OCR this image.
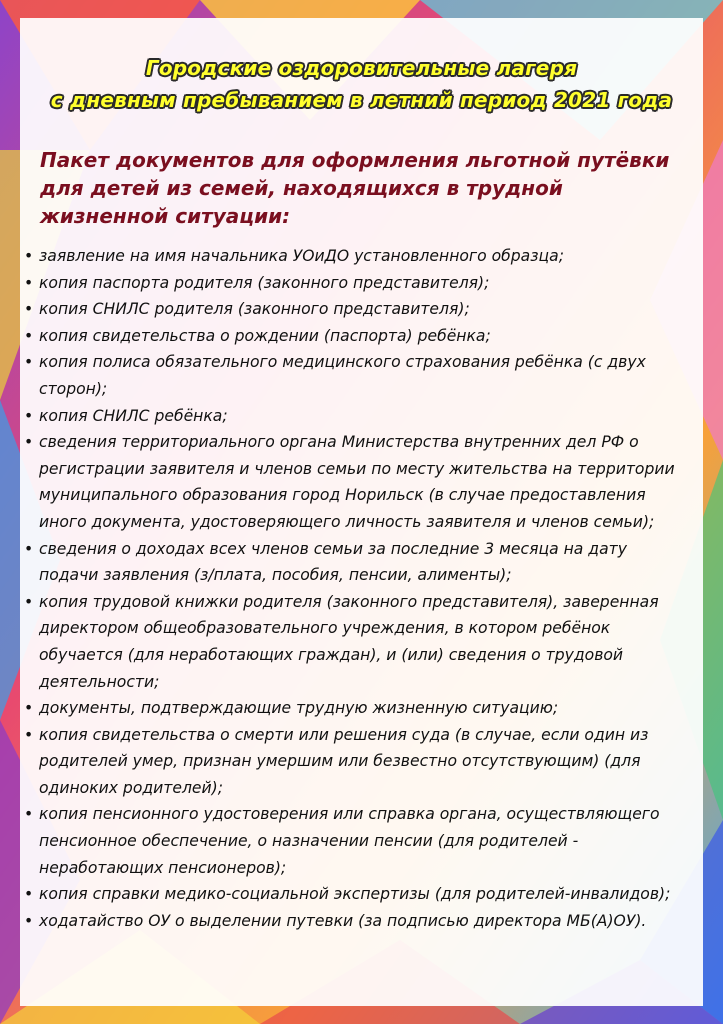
Городские оздоровительные лагеря
с дневным пребыванием в летний период 2021 года
Пакет документов для оформления льготной путёвки для детей из семей, находящихся в трудной жизненной ситуации:
• заявление на имя начальника УОиДО установленного образца;
• копия паспорта родителя (законного представителя);
• копия СНИЛС родителя (законного представителя);
• копия свидетельства о рождении (паспорта) ребёнка;
• копия полиса обязательного медицинского страхования ребёнка (с двух сторон);
• копия СНИЛС ребёнка;
• сведения территориального органа Министерства внутренних дел РФ о регистрации заявителя и членов семьи по месту жительства на территории муниципального образования город Норильск (в случае предоставления иного документа, удостоверяющего личность заявителя и членов семьи);
• сведения о доходах всех членов семьи за последние 3 месяца на дату подачи заявления (з/плата, пособия, пенсии, алименты);
• копия трудовой книжки родителя (законного представителя), заверенная директором общеобразовательного учреждения, в котором ребёнок обучается (для неработающих граждан), и (или) сведения о трудовой деятельности;
• документы, подтверждающие трудную жизненную ситуацию;
• копия свидетельства о смерти или решения суда (в случае, если один из родителей умер, признан умершим или безвестно отсутствующим) (для одиноких родителей);
• копия пенсионного удостоверения или справка органа, осуществляющего пенсионное обеспечение, о назначении пенсии (для родителей - неработающих пенсионеров);
• копия справки медико-социальной экспертизы (для родителей-инвалидов);
• ходатайство ОУ о выделении путевки (за подписью директора МБ(А)ОУ).
